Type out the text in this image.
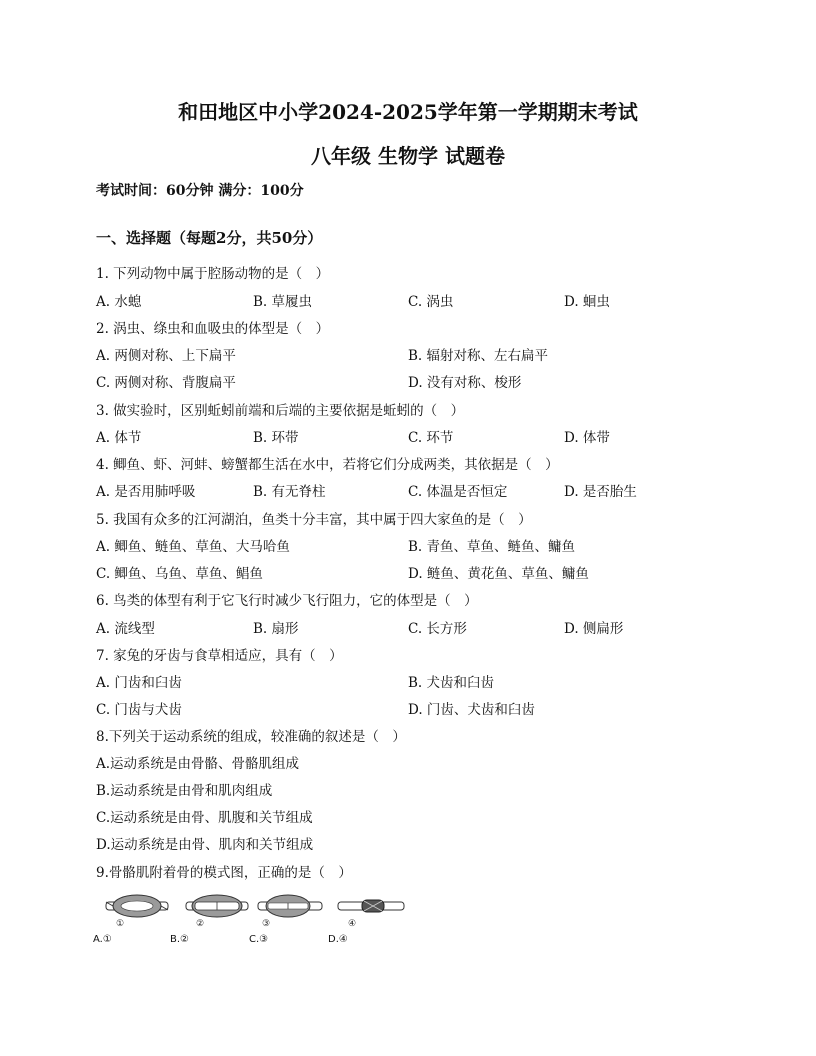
和田地区中小学2024-2025学年第一学期期末考试
八年级 生物学 试题卷
考试时间：60分钟 满分：100分
一、选择题（每题2分，共50分）
1. 下列动物中属于腔肠动物的是（　）
A. 水螅	B. 草履虫	C. 涡虫	D. 蛔虫
2. 涡虫、绦虫和血吸虫的体型是（　）
A. 两侧对称、上下扁平	B. 辐射对称、左右扁平
C. 两侧对称、背腹扁平	D. 没有对称、梭形
3. 做实验时，区别蚯蚓前端和后端的主要依据是蚯蚓的（　）
A. 体节	B. 环带	C. 环节	D. 体带
4. 鲫鱼、虾、河蚌、螃蟹都生活在水中，若将它们分成两类，其依据是（　）
A. 是否用肺呼吸	B. 有无脊柱	C. 体温是否恒定	D. 是否胎生
5. 我国有众多的江河湖泊，鱼类十分丰富，其中属于四大家鱼的是（　）
A. 鲫鱼、鲢鱼、草鱼、大马哈鱼	B. 青鱼、草鱼、鲢鱼、鳙鱼
C. 鲫鱼、乌鱼、草鱼、鲳鱼	D. 鲢鱼、黄花鱼、草鱼、鳙鱼
6. 鸟类的体型有利于它飞行时减少飞行阻力，它的体型是（　）
A. 流线型	B. 扇形	C. 长方形	D. 侧扁形
7. 家兔的牙齿与食草相适应，具有（　）
A. 门齿和臼齿	B. 犬齿和臼齿
C. 门齿与犬齿	D. 门齿、犬齿和臼齿
8.下列关于运动系统的组成，较准确的叙述是（　）
A.运动系统是由骨骼、骨骼肌组成
B.运动系统是由骨和肌肉组成
C.运动系统是由骨、肌腹和关节组成
D.运动系统是由骨、肌肉和关节组成
9.骨骼肌附着骨的模式图，正确的是（　）
①	②	③	④
A.①	B.②	C.③	D.④
